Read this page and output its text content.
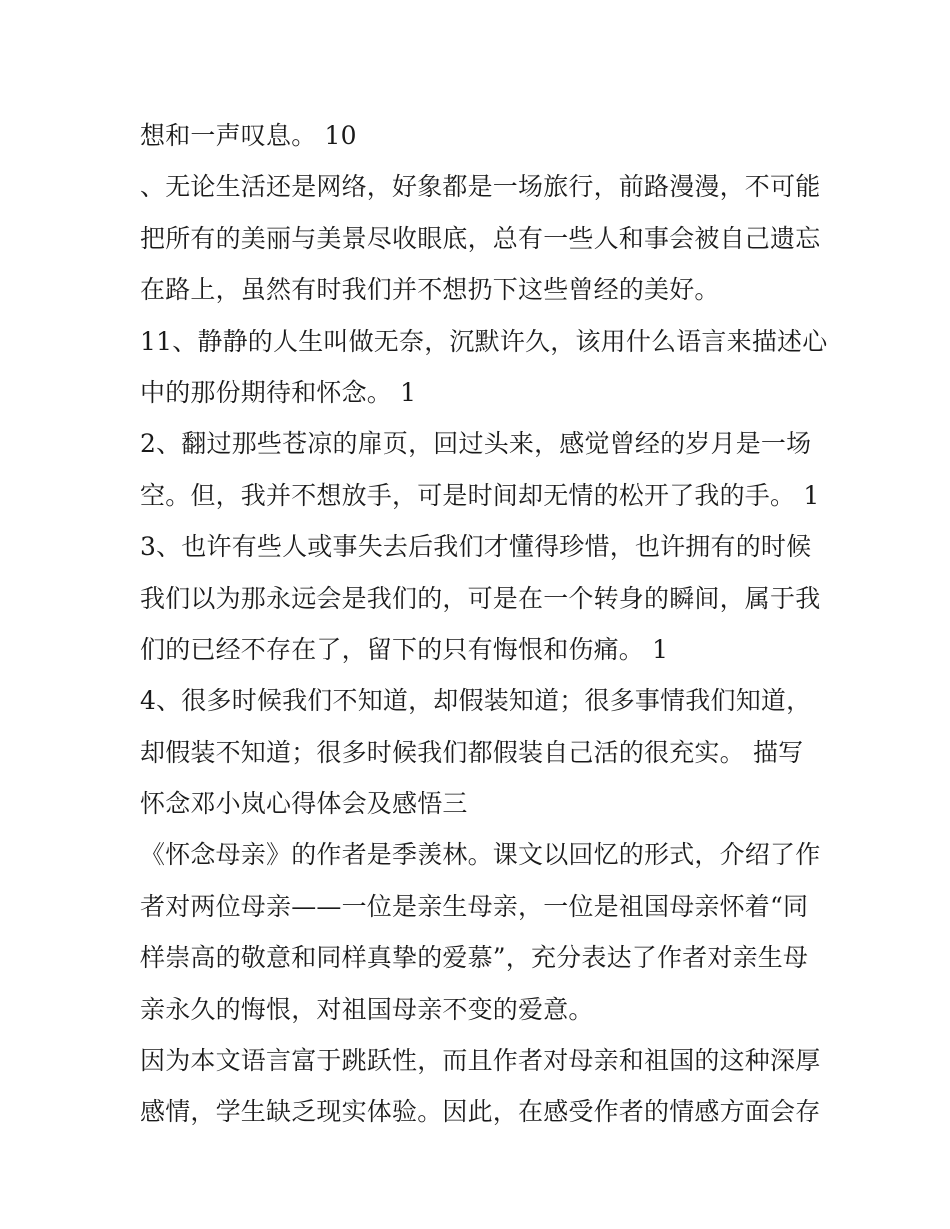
想和一声叹息。 10
、无论生活还是网络，好象都是一场旅行，前路漫漫，不可能
把所有的美丽与美景尽收眼底，总有一些人和事会被自己遗忘
在路上，虽然有时我们并不想扔下这些曾经的美好。
11、静静的人生叫做无奈，沉默许久，该用什么语言来描述心
中的那份期待和怀念。 1
2、翻过那些苍凉的扉页，回过头来，感觉曾经的岁月是一场
空。但，我并不想放手，可是时间却无情的松开了我的手。 1
3、也许有些人或事失去后我们才懂得珍惜，也许拥有的时候
我们以为那永远会是我们的，可是在一个转身的瞬间，属于我
们的已经不存在了，留下的只有悔恨和伤痛。 1
4、很多时候我们不知道，却假装知道；很多事情我们知道，
却假装不知道；很多时候我们都假装自己活的很充实。 描写
怀念邓小岚心得体会及感悟三
《怀念母亲》的作者是季羡林。课文以回忆的形式，介绍了作
者对两位母亲——一位是亲生母亲，一位是祖国母亲怀着“同
样崇高的敬意和同样真挚的爱慕”，充分表达了作者对亲生母
亲永久的悔恨，对祖国母亲不变的爱意。
因为本文语言富于跳跃性，而且作者对母亲和祖国的这种深厚
感情，学生缺乏现实体验。因此，在感受作者的情感方面会存
